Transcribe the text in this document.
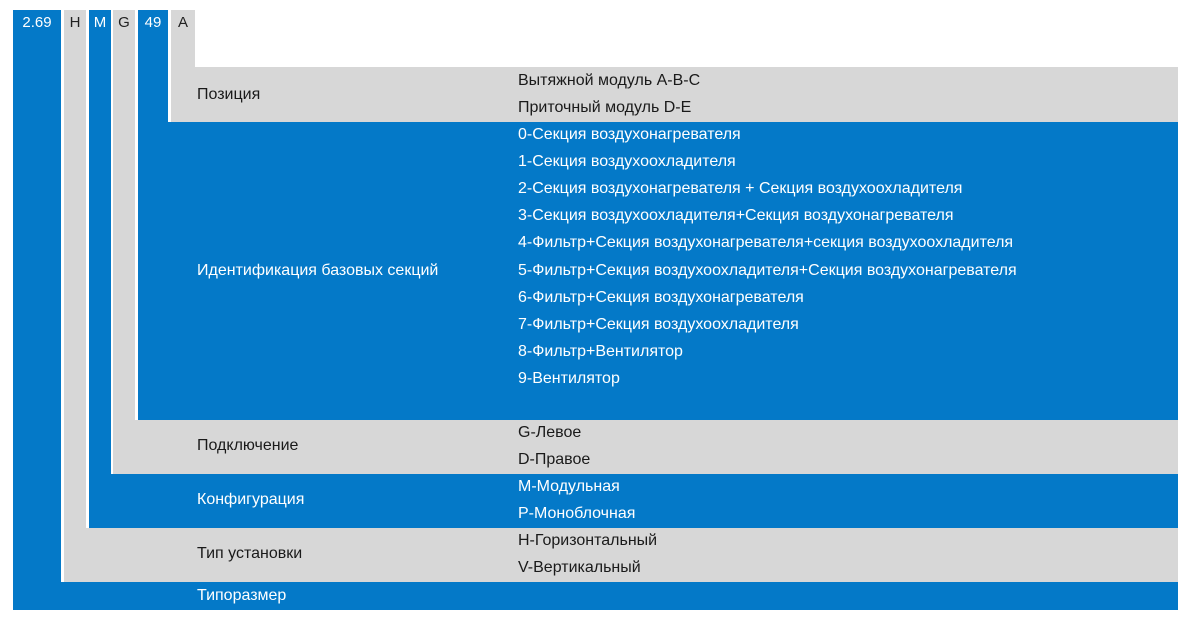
2.69	H M G 49	A
Позиция
Идентификация базовых секций
Подключение
Конфигурация
Тип установки
Типоразмер
Вытяжной модуль A-B-C
Приточный модуль D-E
0-Секция воздухонагревателя
1-Секция воздухоохладителя
2-Секция воздухонагревателя + Секция воздухоохладителя
3-Секция воздухоохладителя+Секция воздухонагревателя
4-Фильтр+Секция воздухонагревателя+секция воздухоохладителя
5-Фильтр+Секция воздухоохладителя+Секция воздухонагревателя
6-Фильтр+Секция воздухонагревателя
7-Фильтр+Секция воздухоохладителя
8-Фильтр+Вентилятор
9-Вентилятор
G-Левое
D-Правое
M-Модульная
P-Моноблочная
H-Горизонтальный
V-Вертикальный
